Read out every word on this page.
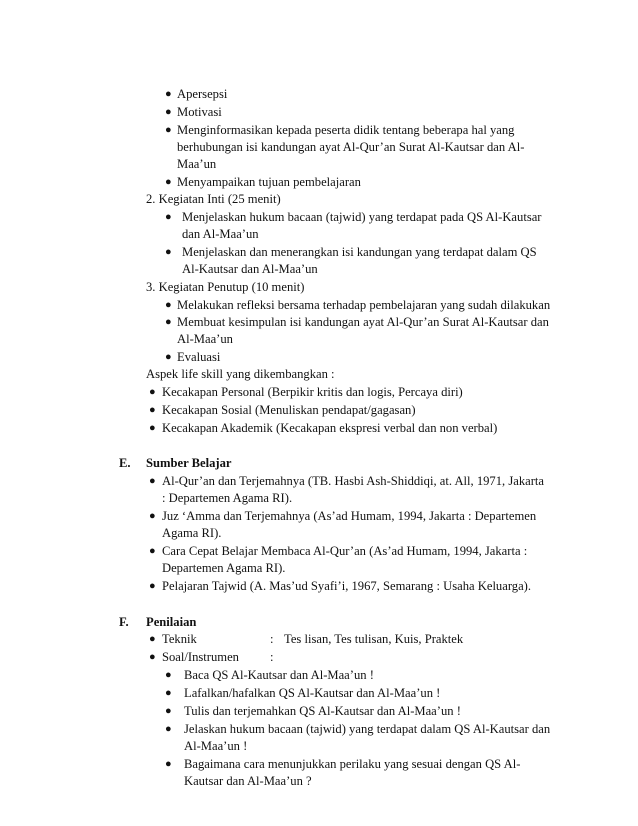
● Apersepsi
● Motivasi
● Menginformasikan kepada peserta didik tentang beberapa hal yang
berhubungan isi kandungan ayat Al-Qur’an Surat Al-Kautsar dan Al-
Maa’un
● Menyampaikan tujuan pembelajaran
2. Kegiatan Inti (25 menit)
● Menjelaskan hukum bacaan (tajwid) yang terdapat pada QS Al-Kautsar
dan Al-Maa’un
● Menjelaskan dan menerangkan isi kandungan yang terdapat dalam QS
Al-Kautsar dan Al-Maa’un
3. Kegiatan Penutup (10 menit)
● Melakukan refleksi bersama terhadap pembelajaran yang sudah dilakukan
● Membuat kesimpulan isi kandungan ayat Al-Qur’an Surat Al-Kautsar dan
Al-Maa’un
● Evaluasi
Aspek life skill yang dikembangkan :
● Kecakapan Personal (Berpikir kritis dan logis, Percaya diri)
● Kecakapan Sosial (Menuliskan pendapat/gagasan)
● Kecakapan Akademik (Kecakapan ekspresi verbal dan non verbal)
E. Sumber Belajar
● Al-Qur’an dan Terjemahnya (TB. Hasbi Ash-Shiddiqi, at. All, 1971, Jakarta
: Departemen Agama RI).
● Juz ‘Amma dan Terjemahnya (As’ad Humam, 1994, Jakarta : Departemen
Agama RI).
● Cara Cepat Belajar Membaca Al-Qur’an (As’ad Humam, 1994, Jakarta :
Departemen Agama RI).
● Pelajaran Tajwid (A. Mas’ud Syafi’i, 1967, Semarang : Usaha Keluarga).
F. Penilaian
● Teknik	: Tes lisan, Tes tulisan, Kuis, Praktek
● Soal/Instrumen :
● Baca QS Al-Kautsar dan Al-Maa’un !
● Lafalkan/hafalkan QS Al-Kautsar dan Al-Maa’un !
● Tulis dan terjemahkan QS Al-Kautsar dan Al-Maa’un !
● Jelaskan hukum bacaan (tajwid) yang terdapat dalam QS Al-Kautsar dan
Al-Maa’un !
● Bagaimana cara menunjukkan perilaku yang sesuai dengan QS Al-
Kautsar dan Al-Maa’un ?
